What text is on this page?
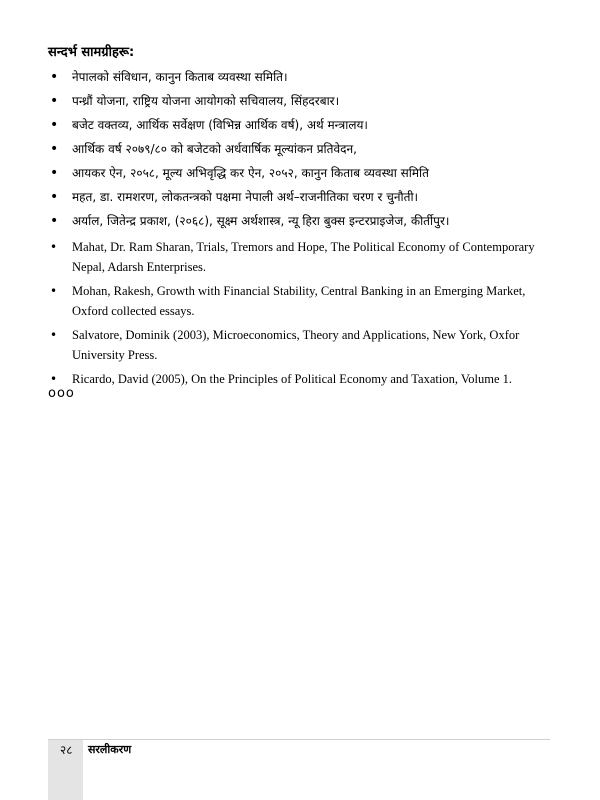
सन्दर्भ सामग्रीहरू:
• नेपालको संविधान, कानुन किताब व्यवस्था समिति।
• पन्ध्रौं योजना, राष्ट्रिय योजना आयोगको सचिवालय, सिंहदरबार।
• बजेट वक्तव्य, आर्थिक सर्वेक्षण (विभिन्न आर्थिक वर्ष), अर्थ मन्त्रालय।
• आर्थिक वर्ष २०७९/८० को बजेटको अर्धवार्षिक मूल्यांकन प्रतिवेदन,
• आयकर ऐन, २०५८, मूल्य अभिवृद्धि कर ऐन, २०५२, कानुन किताब व्यवस्था समिति
• महत, डा. रामशरण, लोकतन्त्रको पक्षमा नेपाली अर्थ–राजनीतिका चरण र चुनौती।
• अर्याल, जितेन्द्र प्रकाश, (२०६८), सूक्ष्म अर्थशास्त्र, न्यू हिरा बुक्स इन्टरप्राइजेज, कीर्तीपुर।
• Mahat, Dr. Ram Sharan, Trials, Tremors and Hope, The Political Economy of Contemporary Nepal, Adarsh Enterprises.
• Mohan, Rakesh, Growth with Financial Stability, Central Banking in an Emerging Market, Oxford collected essays.
• Salvatore, Dominik (2003), Microeconomics, Theory and Applications, New York, Oxfor University Press.
• Ricardo, David (2005), On the Principles of Political Economy and Taxation, Volume 1.
ooo
२८ सरलीकरण
